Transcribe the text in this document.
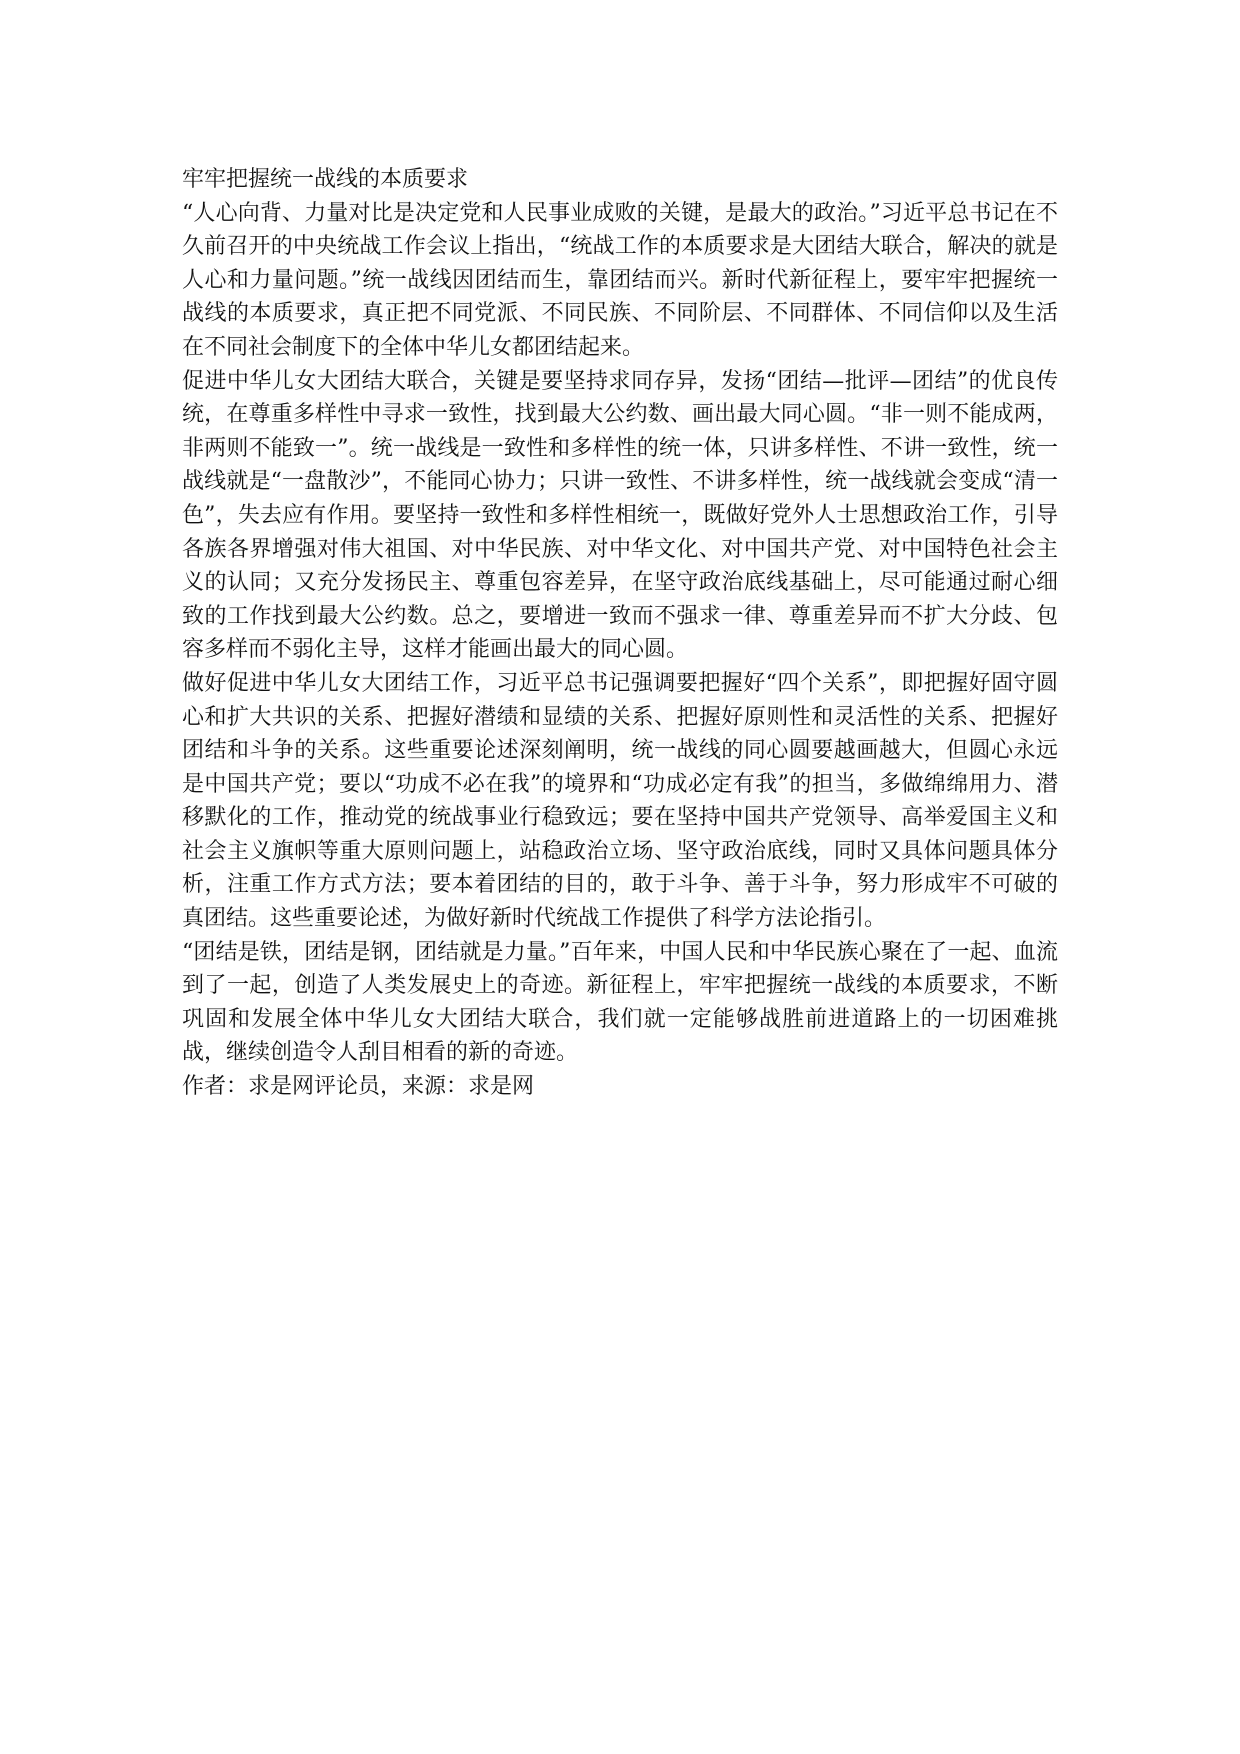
牢牢把握统一战线的本质要求

“人心向背、力量对比是决定党和人民事业成败的关键，是最大的政治。”习近平总书记在不久前召开的中央统战工作会议上指出，“统战工作的本质要求是大团结大联合，解决的就是人心和力量问题。”统一战线因团结而生，靠团结而兴。新时代新征程上，要牢牢把握统一战线的本质要求，真正把不同党派、不同民族、不同阶层、不同群体、不同信仰以及生活在不同社会制度下的全体中华儿女都团结起来。

促进中华儿女大团结大联合，关键是要坚持求同存异，发扬“团结—批评—团结”的优良传统，在尊重多样性中寻求一致性，找到最大公约数、画出最大同心圆。“非一则不能成两，非两则不能致一”。统一战线是一致性和多样性的统一体，只讲多样性、不讲一致性，统一战线就是“一盘散沙”，不能同心协力；只讲一致性、不讲多样性，统一战线就会变成“清一色”，失去应有作用。要坚持一致性和多样性相统一，既做好党外人士思想政治工作，引导各族各界增强对伟大祖国、对中华民族、对中华文化、对中国共产党、对中国特色社会主义的认同；又充分发扬民主、尊重包容差异，在坚守政治底线基础上，尽可能通过耐心细致的工作找到最大公约数。总之，要增进一致而不强求一律、尊重差异而不扩大分歧、包容多样而不弱化主导，这样才能画出最大的同心圆。

做好促进中华儿女大团结工作，习近平总书记强调要把握好“四个关系”，即把握好固守圆心和扩大共识的关系、把握好潜绩和显绩的关系、把握好原则性和灵活性的关系、把握好团结和斗争的关系。这些重要论述深刻阐明，统一战线的同心圆要越画越大，但圆心永远是中国共产党；要以“功成不必在我”的境界和“功成必定有我”的担当，多做绵绵用力、潜移默化的工作，推动党的统战事业行稳致远；要在坚持中国共产党领导、高举爱国主义和社会主义旗帜等重大原则问题上，站稳政治立场、坚守政治底线，同时又具体问题具体分析，注重工作方式方法；要本着团结的目的，敢于斗争、善于斗争，努力形成牢不可破的真团结。这些重要论述，为做好新时代统战工作提供了科学方法论指引。

“团结是铁，团结是钢，团结就是力量。”百年来，中国人民和中华民族心聚在了一起、血流到了一起，创造了人类发展史上的奇迹。新征程上，牢牢把握统一战线的本质要求，不断巩固和发展全体中华儿女大团结大联合，我们就一定能够战胜前进道路上的一切困难挑战，继续创造令人刮目相看的新的奇迹。

作者：求是网评论员，来源：求是网
